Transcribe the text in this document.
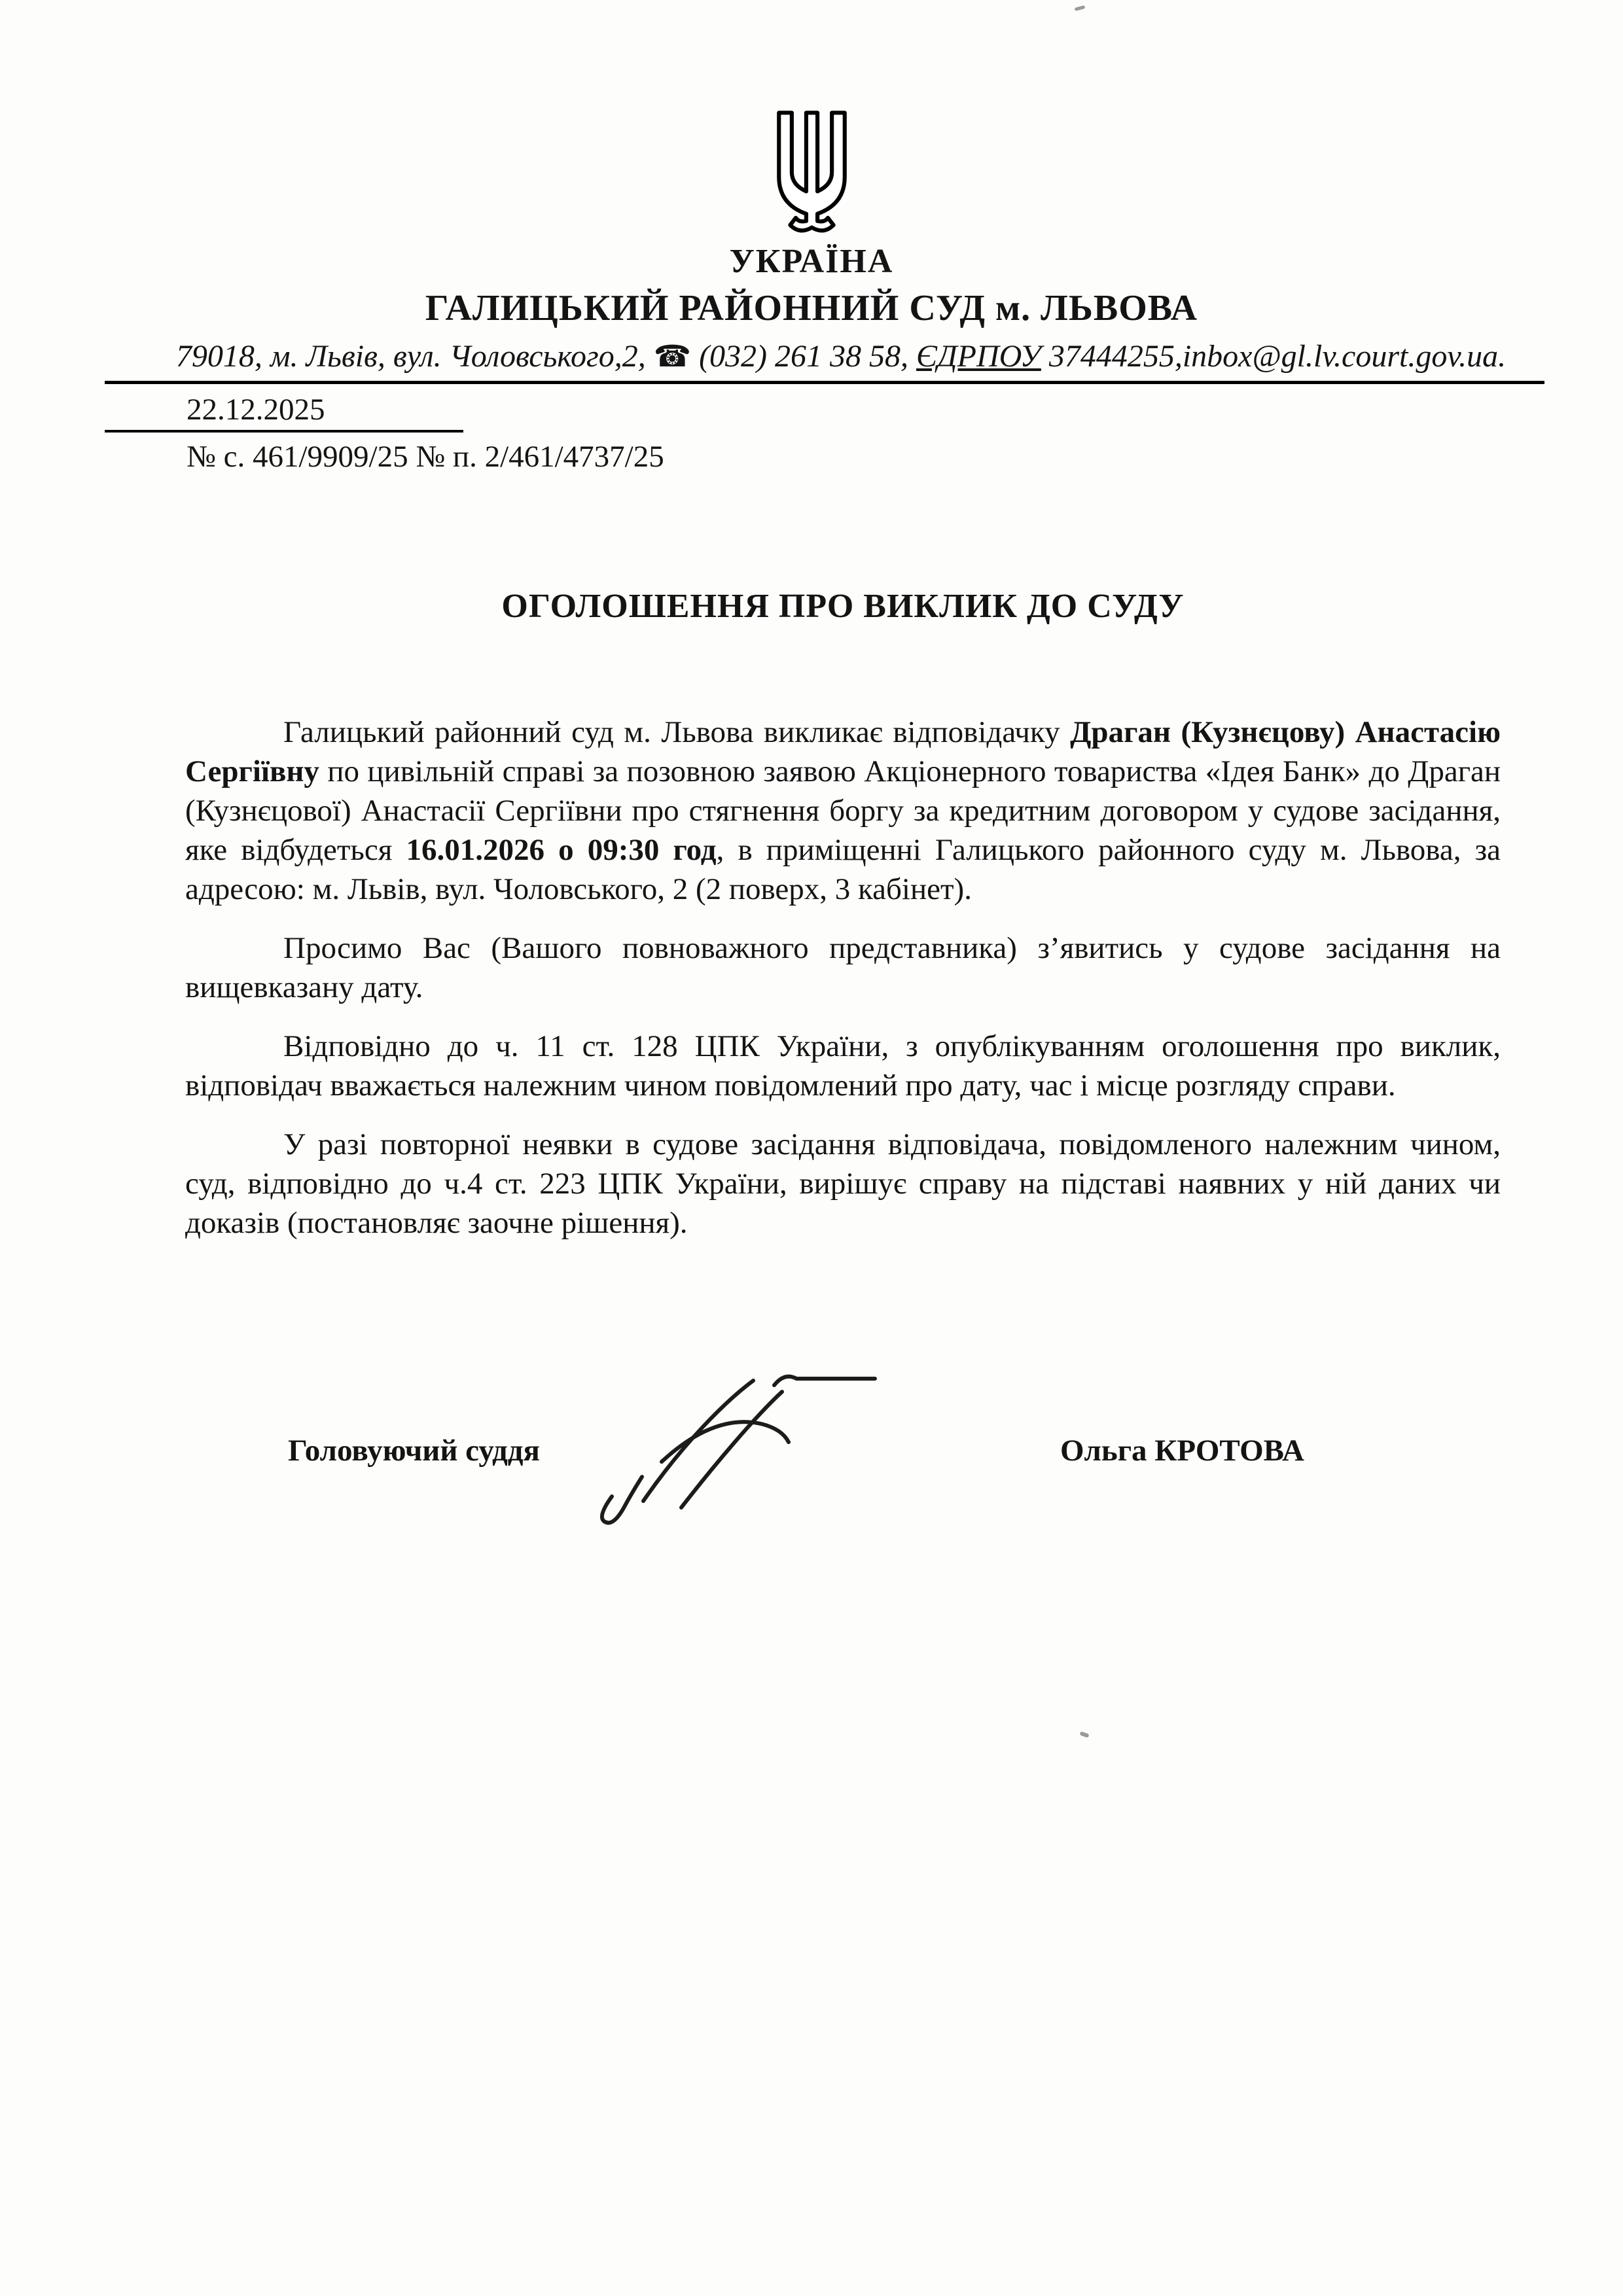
УКРАЇНА
ГАЛИЦЬКИЙ РАЙОННИЙ СУД м. ЛЬВОВА
79018, м. Львів, вул. Чоловського,2, ☎ (032) 261 38 58, ЄДРПОУ 37444255,inbox@gl.lv.court.gov.ua.
22.12.2025
№ с. 461/9909/25 № п. 2/461/4737/25
ОГОЛОШЕННЯ ПРО ВИКЛИК ДО СУДУ

Галицький районний суд м. Львова викликає відповідачку Драган (Кузнєцову) Анастасію Сергіївну по цивільній справі за позовною заявою Акціонерного товариства «Ідея Банк» до Драган (Кузнєцової) Анастасії Сергіївни про стягнення боргу за кредитним договором у судове засідання, яке відбудеться 16.01.2026 о 09:30 год, в приміщенні Галицького районного суду м. Львова, за адресою: м. Львів, вул. Чоловського, 2 (2 поверх, 3 кабінет).

Просимо Вас (Вашого повноважного представника) з’явитись у судове засідання на вищевказану дату.

Відповідно до ч. 11 ст. 128 ЦПК України, з опублікуванням оголошення про виклик, відповідач вважається належним чином повідомлений про дату, час і місце розгляду справи.

У разі повторної неявки в судове засідання відповідача, повідомленого належним чином, суд, відповідно до ч.4 ст. 223 ЦПК України, вирішує справу на підставі наявних у ній даних чи доказів (постановляє заочне рішення).

Головуючий суддя	Ольга КРОТОВА
